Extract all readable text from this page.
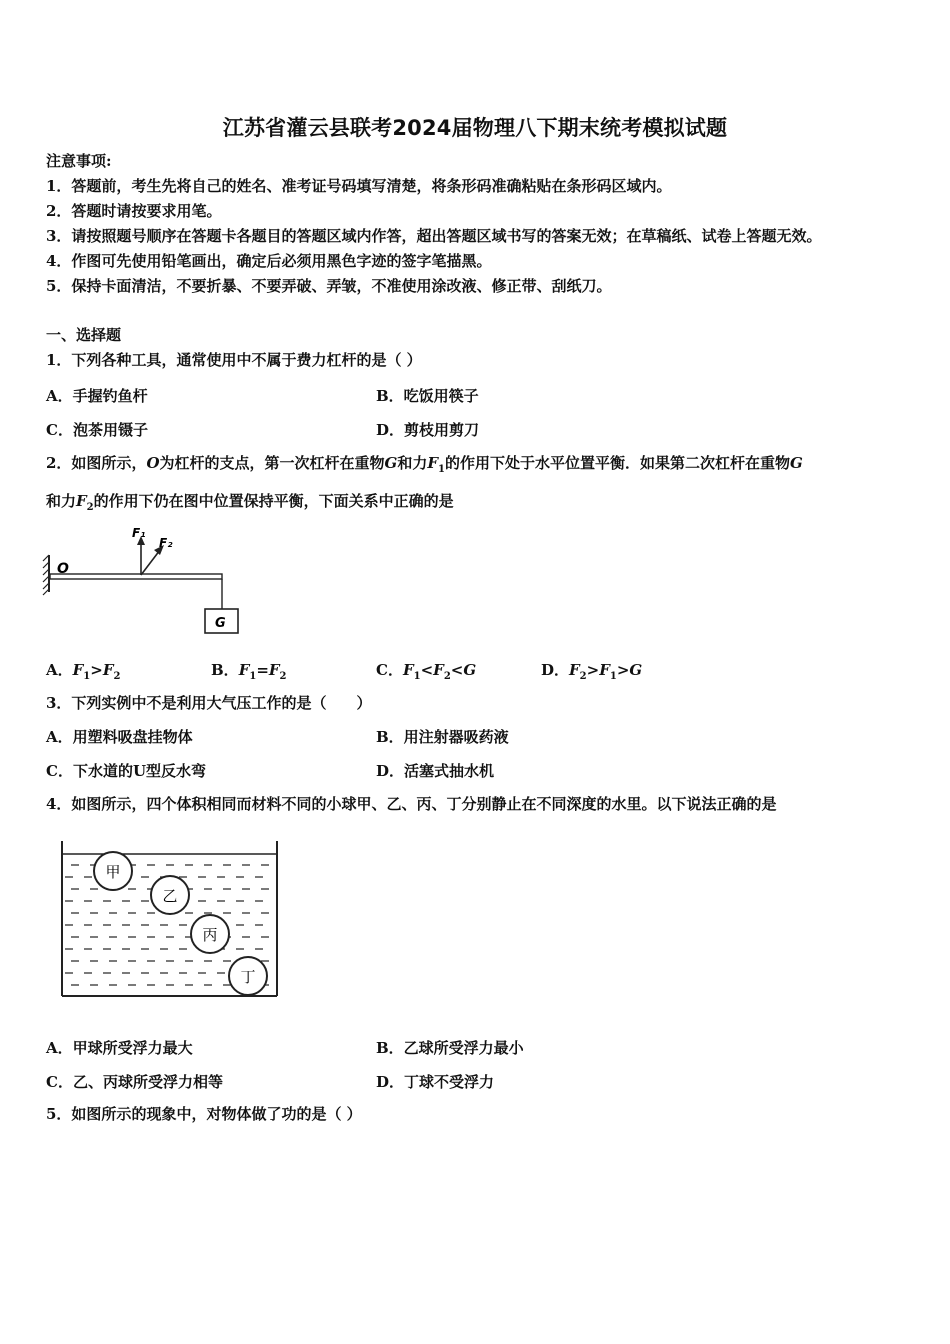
江苏省灌云县联考2024届物理八下期末统考模拟试题
注意事项:
1．答题前，考生先将自己的姓名、准考证号码填写清楚，将条形码准确粘贴在条形码区域内。
2．答题时请按要求用笔。
3．请按照题号顺序在答题卡各题目的答题区域内作答，超出答题区域书写的答案无效；在草稿纸、试卷上答题无效。
4．作图可先使用铅笔画出，确定后必须用黑色字迹的签字笔描黑。
5．保持卡面清洁，不要折暴、不要弄破、弄皱，不准使用涂改液、修正带、刮纸刀。
一、选择题
1．下列各种工具，通常使用中不属于费力杠杆的是（ ）
A．手握钓鱼杆	B．吃饭用筷子
C．泡茶用镊子	D．剪枝用剪刀
2．如图所示，O为杠杆的支点，第一次杠杆在重物G和力$F_1$的作用下处于水平位置平衡．如果第二次杠杆在重物G
和力$F_2$的作用下仍在图中位置保持平衡，下面关系中正确的是
O
F₁
F₂
G
A．$F_1>F_2$	B．$F_1=F_2$	C．$F_1<F_2<G$	D．$F_2>F_1>G$
3．下列实例中不是利用大气压工作的是（　　）
A．用塑料吸盘挂物体	B．用注射器吸药液
C．下水道的U型反水弯	D．活塞式抽水机
4．如图所示，四个体积相同而材料不同的小球甲、乙、丙、丁分别静止在不同深度的水里。以下说法正确的是
甲
乙
丙
丁
A．甲球所受浮力最大	B．乙球所受浮力最小
C．乙、丙球所受浮力相等	D．丁球不受浮力
5．如图所示的现象中，对物体做了功的是（ ）
